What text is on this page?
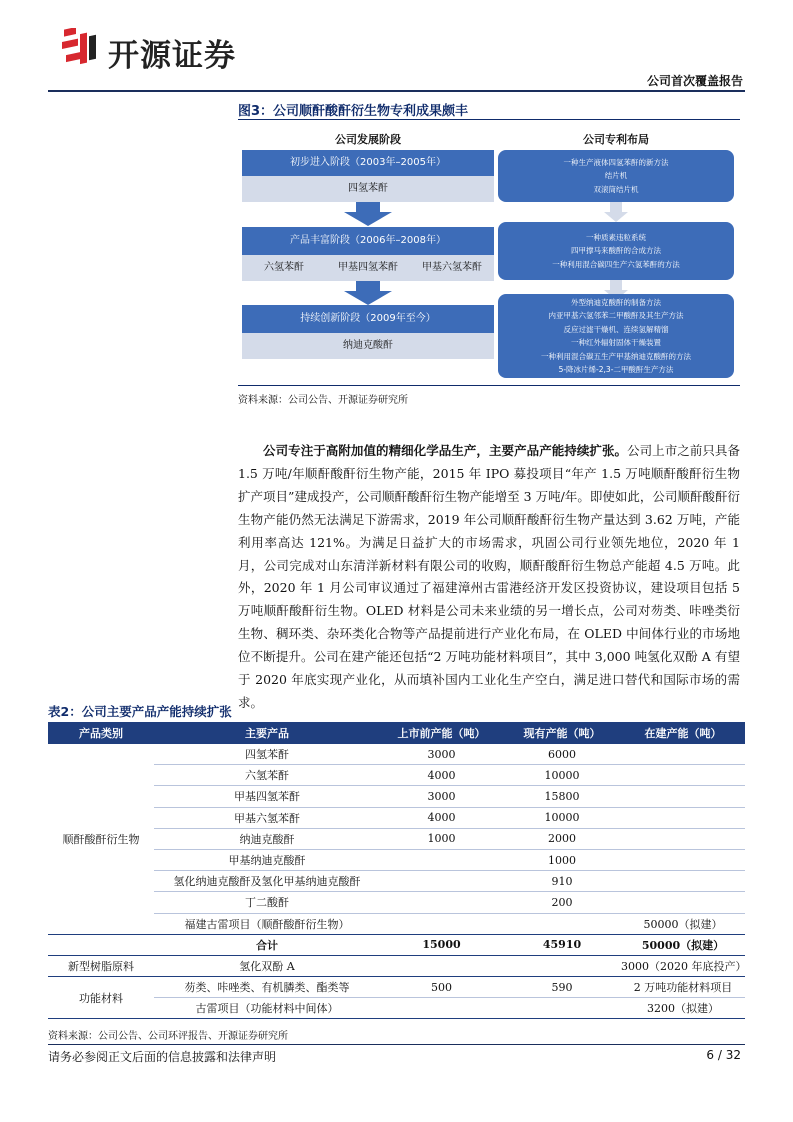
开源证券
公司首次覆盖报告
图3：公司顺酐酸酐衍生物专利成果颇丰
公司发展阶段	公司专利布局
初步进入阶段（2003年–2005年）
四氢苯酐
产品丰富阶段（2006年–2008年）
六氢苯酐	甲基四氢苯酐	甲基六氢苯酐
持续创新阶段（2009年至今）
纳迪克酸酐
一种生产液体四氢苯酐的新方法
结片机
双滚筒结片机
一种质素违粒系统
四甲撑马来酸酐的合成方法
一种利用混合碳四生产六氢苯酐的方法
外型纳迪克酸酐的制备方法
内亚甲基六氢邻苯二甲酸酐及其生产方法
反应过滤干燥机、连续氢解精馏
一种红外辐射固体干燥装置
一种利用混合碳五生产甲基纳迪克酸酐的方法
5-降冰片烯-2,3-二甲酸酐生产方法
资料来源：公司公告、开源证券研究所
公司专注于高附加值的精细化学品生产，主要产品产能持续扩张。公司上市之前只具备 1.5 万吨/年顺酐酸酐衍生物产能，2015 年 IPO 募投项目“年产 1.5 万吨顺酐酸酐衍生物扩产项目”建成投产，公司顺酐酸酐衍生物产能增至 3 万吨/年。即使如此，公司顺酐酸酐衍生物产能仍然无法满足下游需求，2019 年公司顺酐酸酐衍生物产量达到 3.62 万吨，产能利用率高达 121%。为满足日益扩大的市场需求，巩固公司行业领先地位，2020 年 1 月，公司完成对山东清洋新材料有限公司的收购，顺酐酸酐衍生物总产能超 4.5 万吨。此外，2020 年 1 月公司审议通过了福建漳州古雷港经济开发区投资协议，建设项目包括 5 万吨顺酐酸酐衍生物。OLED 材料是公司未来业绩的另一增长点，公司对芴类、咔唑类衍生物、稠环类、杂环类化合物等产品提前进行产业化布局，在 OLED 中间体行业的市场地位不断提升。公司在建产能还包括“2 万吨功能材料项目”，其中 3,000 吨氢化双酚 A 有望于 2020 年底实现产业化，从而填补国内工业化生产空白，满足进口替代和国际市场的需求。
表2：公司主要产品产能持续扩张
产品类别	主要产品	上市前产能（吨）	现有产能（吨）	在建产能（吨）
顺酐酸酐衍生物	四氢苯酐	3000	6000	
	六氢苯酐	4000	10000	
	甲基四氢苯酐	3000	15800	
	甲基六氢苯酐	4000	10000	
	纳迪克酸酐	1000	2000	
	甲基纳迪克酸酐		1000	
	氢化纳迪克酸酐及氢化甲基纳迪克酸酐		910	
	丁二酸酐		200	
	福建古雷项目（顺酐酸酐衍生物）			50000（拟建）
	合计	15000	45910	50000（拟建）
新型树脂原料	氢化双酚 A			3000（2020 年底投产）
功能材料	芴类、咔唑类、有机膦类、酯类等	500	590	2 万吨功能材料项目
	古雷项目（功能材料中间体）			3200（拟建）
资料来源：公司公告、公司环评报告、开源证券研究所
请务必参阅正文后面的信息披露和法律声明	6 / 32
